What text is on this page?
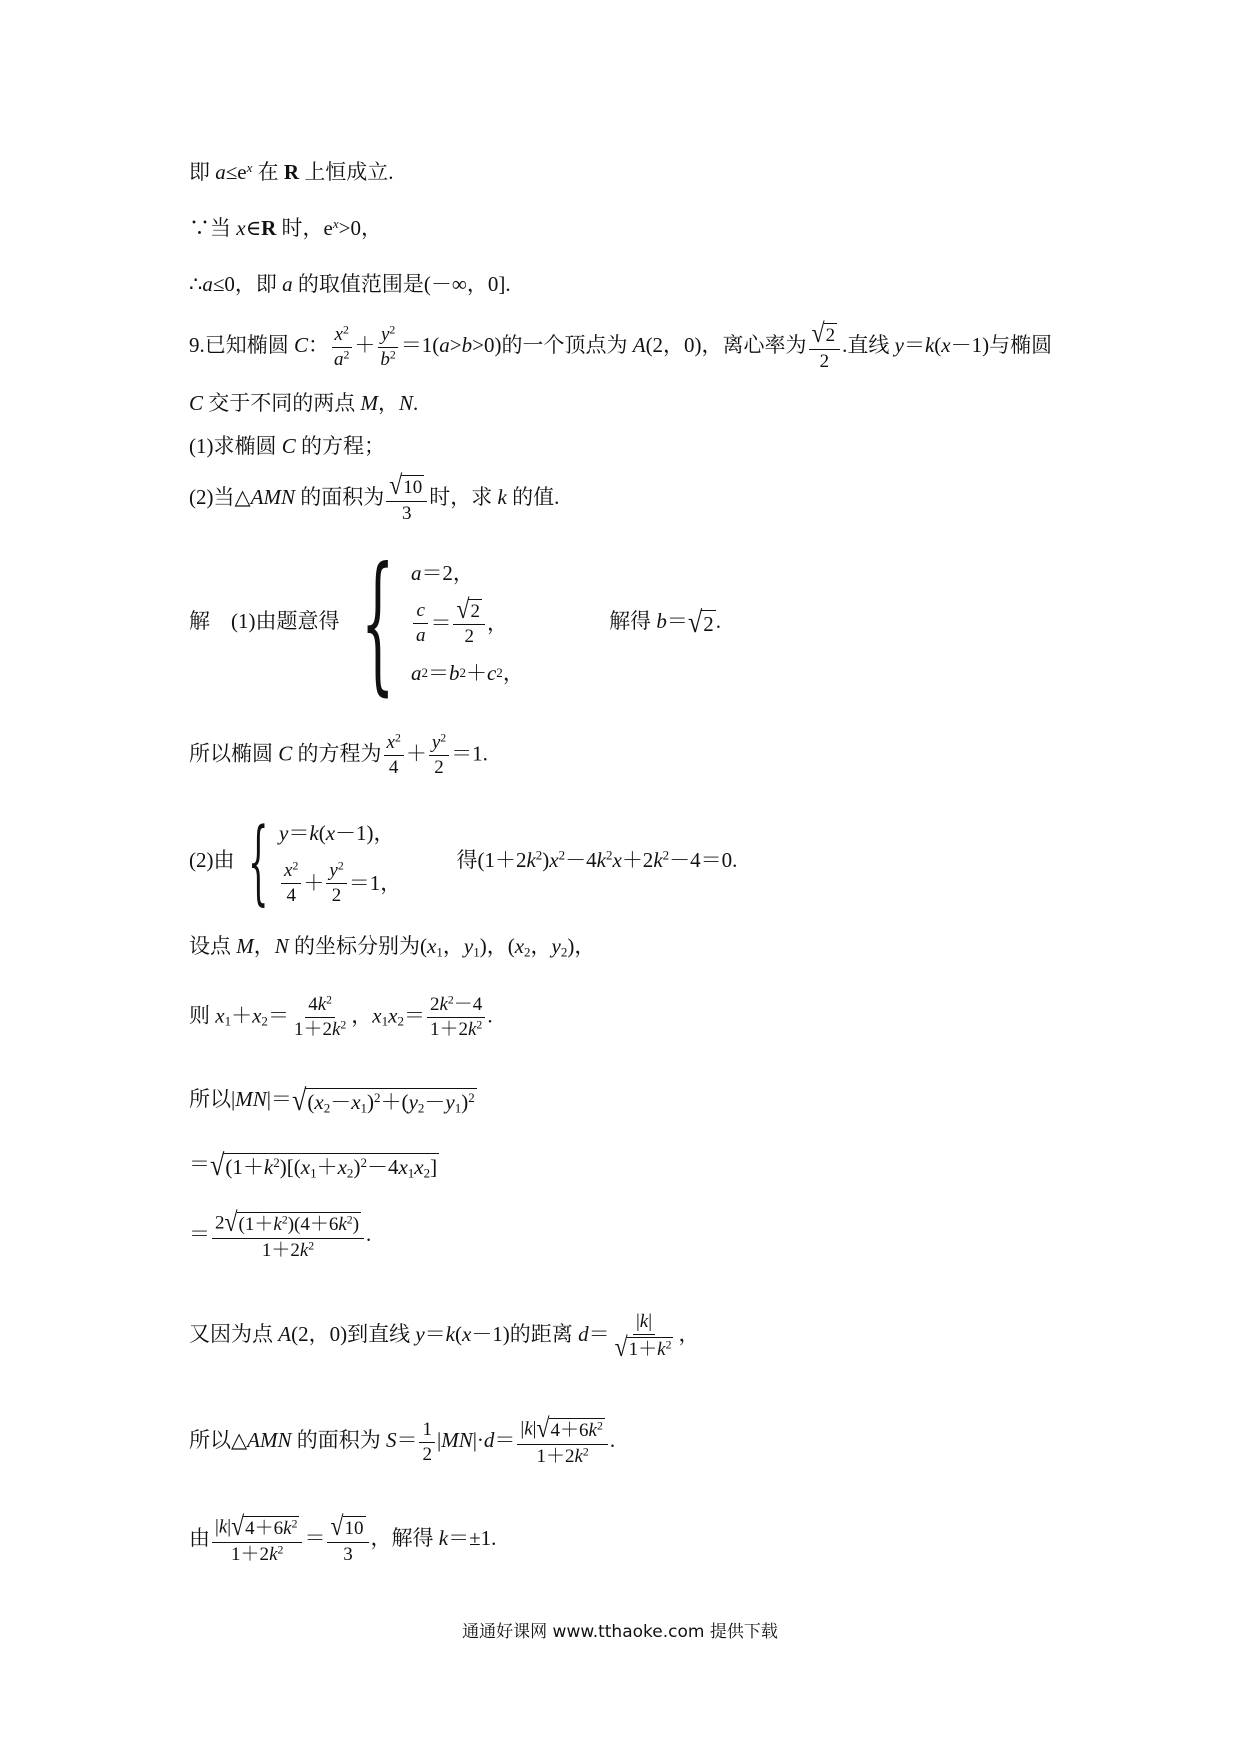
即 $a\le e^x$ 在 R 上恒成立.
∵当 x∈R 时，$e^x>0$，
∴a≤0，即 a 的取值范围是(－∞，0].
9.已知椭圆 C： $\frac{x^2}{a^2} + \frac{y^2}{b^2} =1(a>b>0)$的一个顶点为 A(2，0)，离心率为 $\frac{√ 2}{2}$ .直线 y＝k(x－1)与椭圆
C 交于不同的两点 M，N.
(1)求椭圆 C 的方程；
(2)当△AMN 的面积为 $\frac{√ 10}{3}$ 时，求 k 的值.
解 (1)由题意得 { a ＝2，
$\frac{c}{a} = \frac{√ 2}{2}$ ，
a 2 ＝ b 2 ＋ c 2 ，
解得 b＝ √ 2 .
所以椭圆 C 的方程为 $\frac{x^2}{4} + \frac{y^2}{2} =1$.
(2)由 { y ＝ k ( x －1)，
$\frac{x^2}{4} + \frac{y^2}{2} =1$，
得$(1+2k^2)x^2-4k^2x+2k^2-4=0$.
设点 M，N 的坐标分别为($x_1$，$y_1$)，($x_2$，$y_2$)，
则 $x_1+x_2= \frac{4k^2}{1+2k^2}$ ，$x_1x_2= \frac{2k^2-4}{1+2k^2}$ .
所以|MN|＝ √ $(x_2-x_1)^2+(y_2-y_1)^2$
＝ √ $(1+k^2)[(x_1+x_2)^2-4x_1x_2]$
＝ $\frac{2 √ (1+k^2)(4+6k^2)}{1+2k^2}$ .
又因为点 A(2，0)到直线 y＝k(x－1)的距离 $d= \frac{|k|}{√ 1+k^2}$ ，
所以△AMN 的面积为 $S= \frac{1}{2} |MN|\cdot d= \frac{|k| √ 4+6k^2}{1+2k^2}$ .
由 $\frac{|k| √ 4+6k^2}{1+2k^2} = \frac{√ 10}{3}$ ，解得 k＝±1.
通通好课网 www.tthaoke.com 提供下载
